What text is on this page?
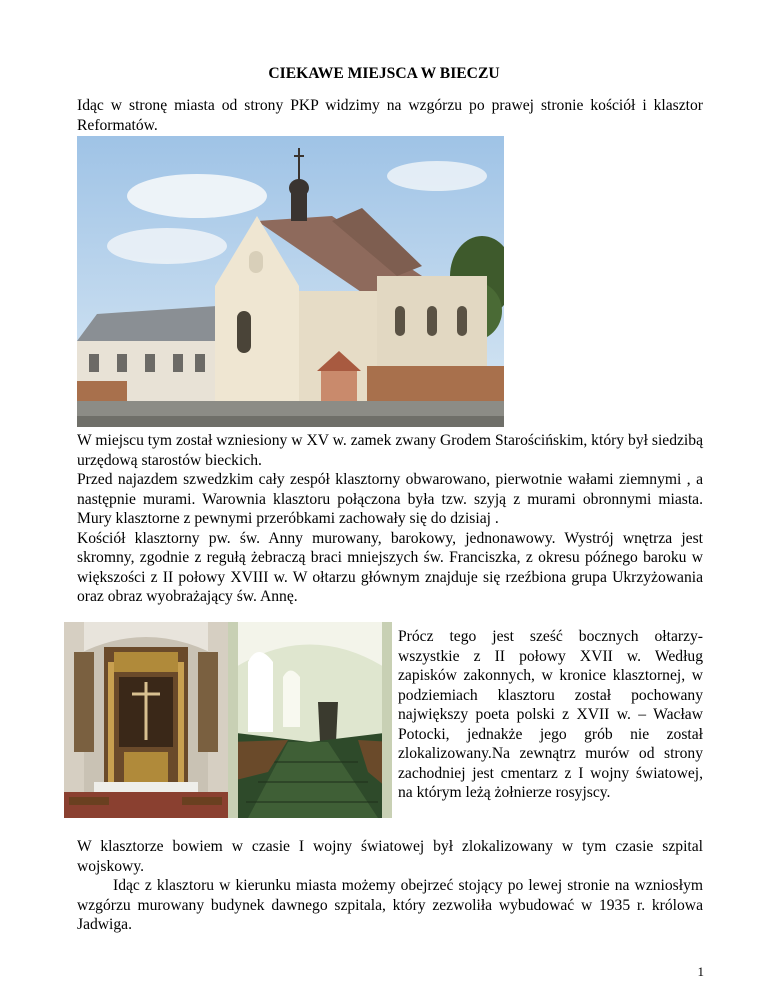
CIEKAWE MIEJSCA W BIECZU

Idąc w stronę miasta od strony PKP widzimy na wzgórzu po prawej stronie kościół i klasztor Reformatów.

W miejscu tym został wzniesiony w XV w. zamek zwany Grodem Starościńskim, który był siedzibą urzędową starostów bieckich.

Przed najazdem szwedzkim cały zespół klasztorny obwarowano, pierwotnie wałami ziemnymi , a następnie murami. Warownia klasztoru połączona była tzw. szyją z murami obronnymi miasta. Mury klasztorne z pewnymi przeróbkami zachowały się do dzisiaj .

Kościół klasztorny pw. św. Anny murowany, barokowy, jednonawowy. Wystrój wnętrza jest skromny, zgodnie z regułą żebraczą braci mniejszych św. Franciszka, z okresu późnego baroku w większości z II połowy XVIII w. W ołtarzu głównym znajduje się rzeźbiona grupa Ukrzyżowania oraz obraz wyobrażający św. Annę.

Prócz tego jest sześć bocznych ołtarzy- wszystkie z II połowy XVII w. Według zapisków zakonnych, w kronice klasztornej, w podziemiach klasztoru został pochowany największy poeta polski z XVII w. – Wacław Potocki, jednakże jego grób nie został zlokalizowany.Na zewnątrz murów od strony zachodniej jest cmentarz z I wojny światowej, na którym leżą żołnierze rosyjscy.

W klasztorze bowiem w czasie I wojny światowej był zlokalizowany w tym czasie szpital wojskowy.

Idąc z klasztoru w kierunku miasta możemy obejrzeć stojący po lewej stronie na wzniosłym wzgórzu murowany budynek dawnego szpitala, który zezwoliła wybudować w 1935 r. królowa Jadwiga.

1
